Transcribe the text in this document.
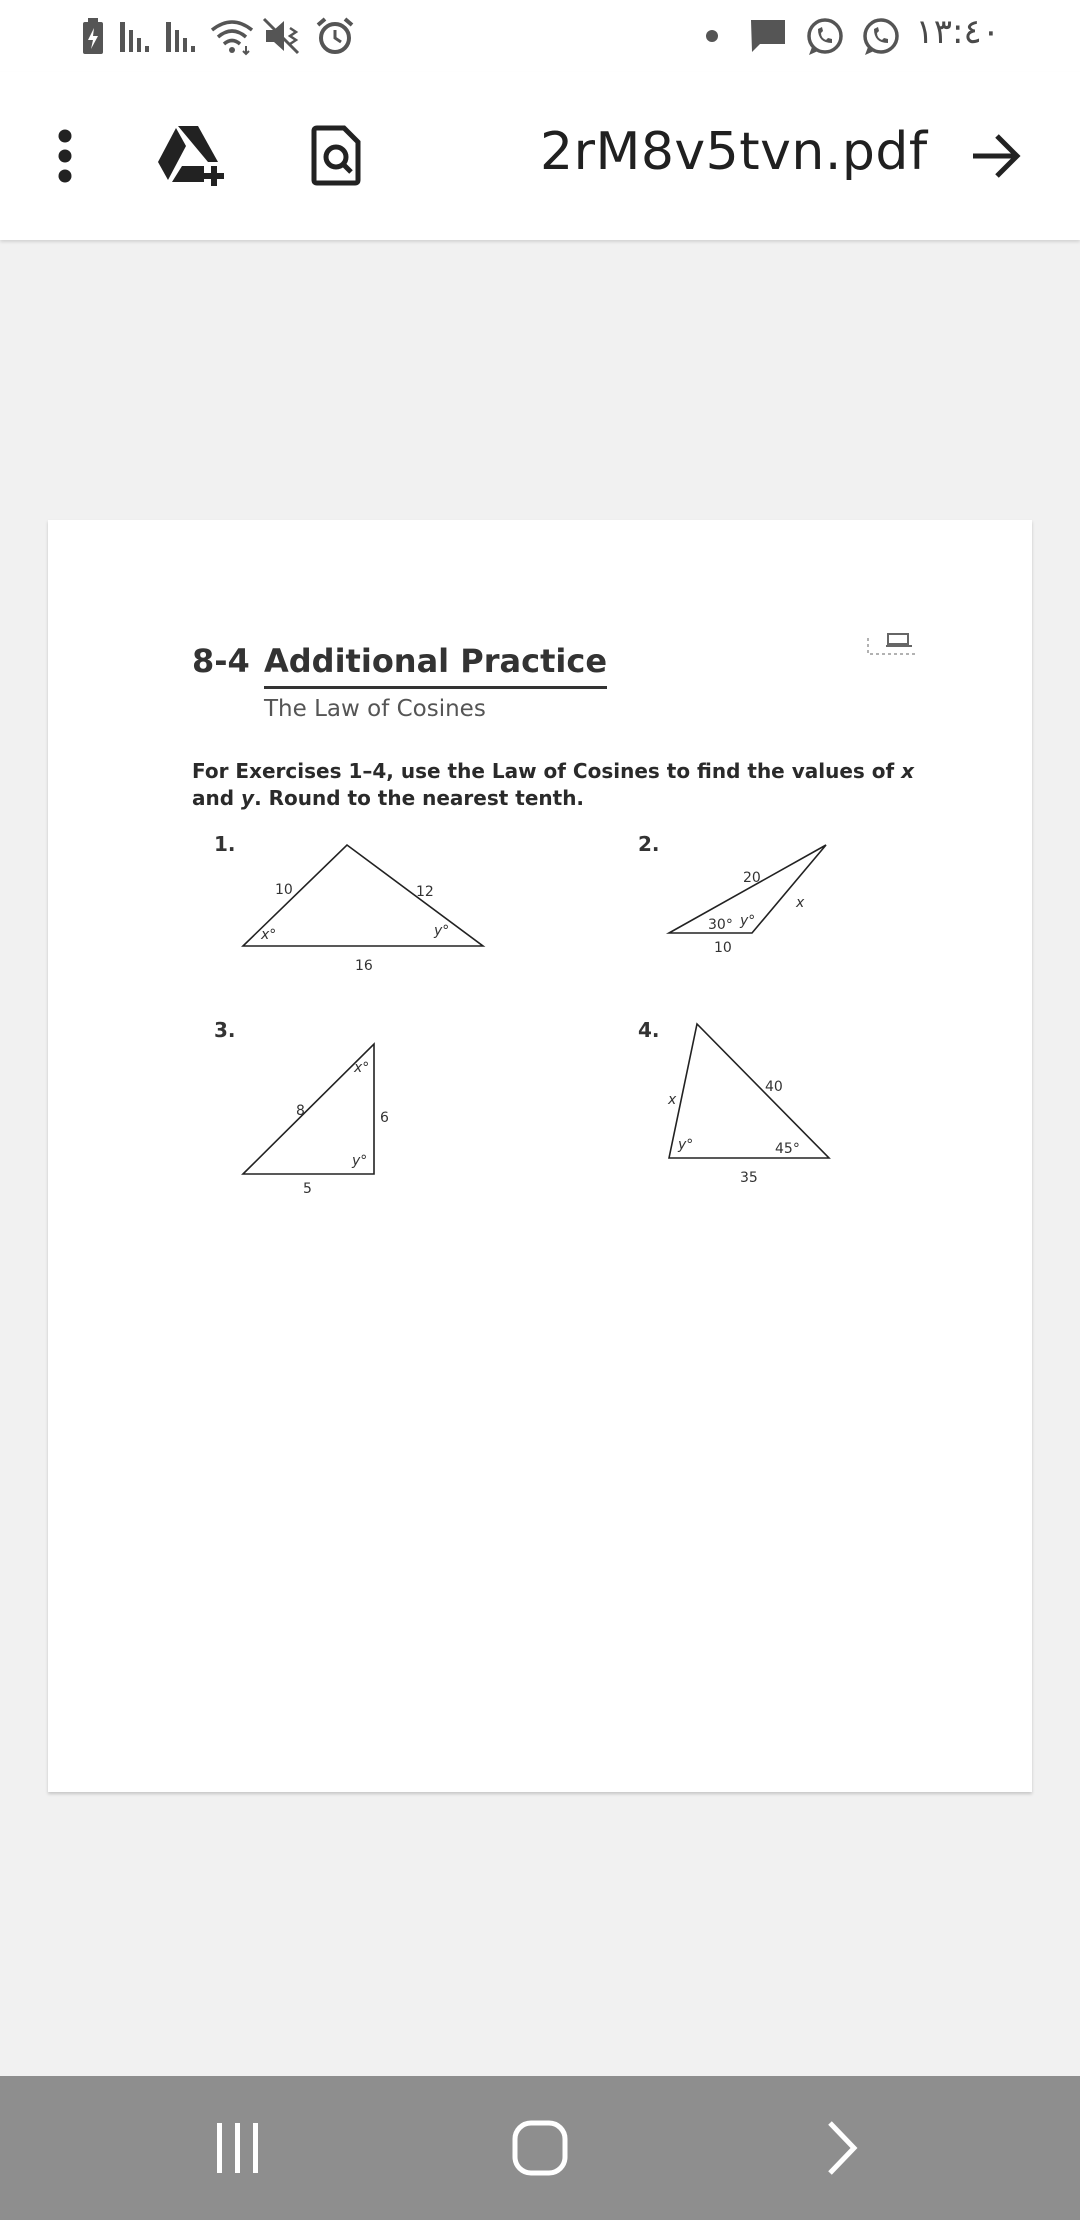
١٣:٤٠
2rM8v5tvn.pdf
8-4 Additional Practice
The Law of Cosines
For Exercises 1–4, use the Law of Cosines to find the values of x and y. Round to the nearest tenth.
1.
10	12
16
x°	y°
2.
20
x
30° y°
10
3.
x°
8	6
y°
5
4.
40
x
y°	45°
35
